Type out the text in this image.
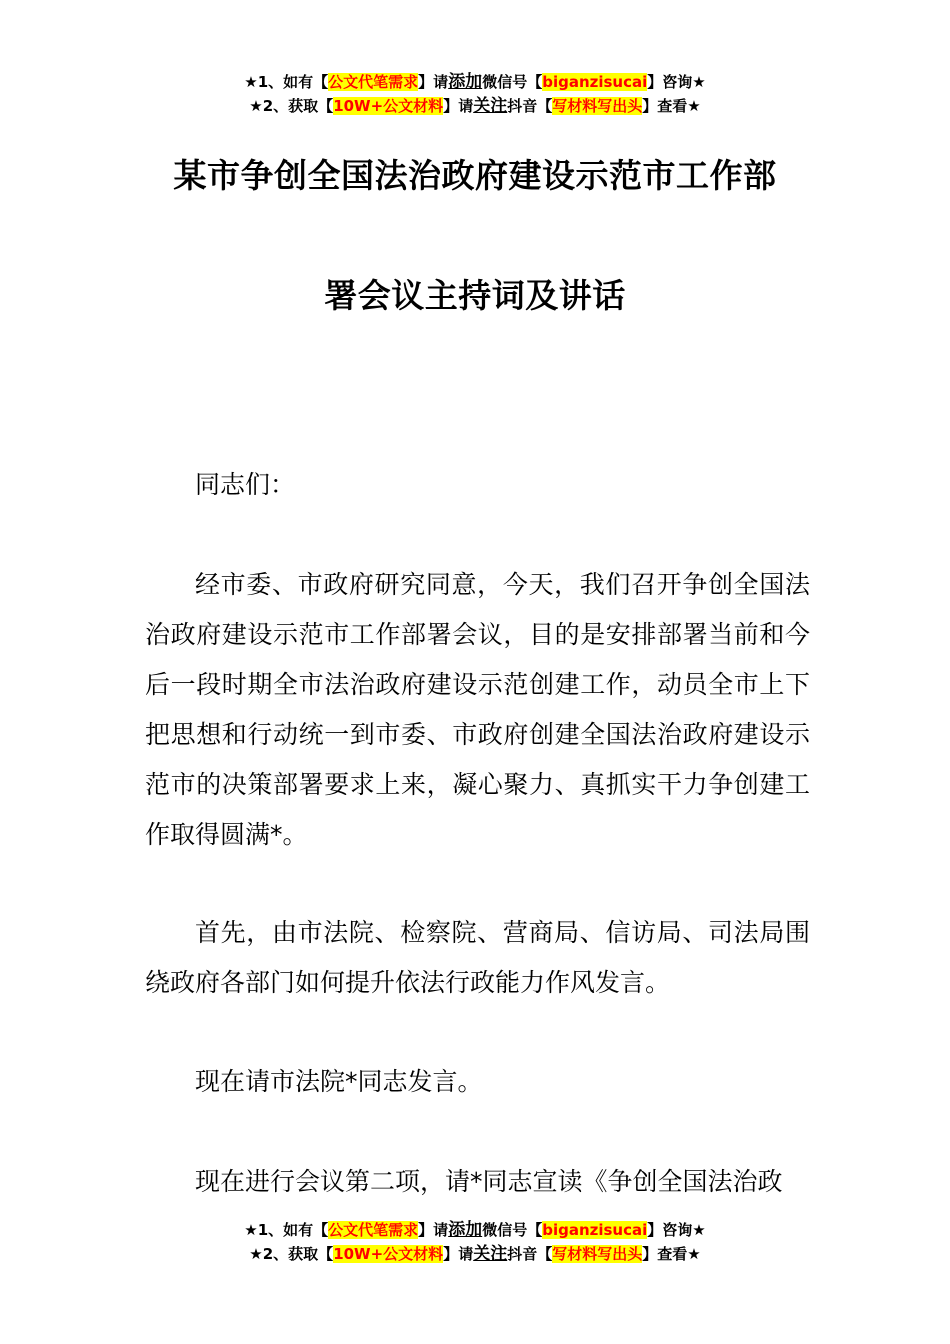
★1、如有【公文代笔需求】请添加微信号【biganzisucai】咨询★
★2、获取【10W+公文材料】请关注抖音【写材料写出头】查看★
某市争创全国法治政府建设示范市工作部
署会议主持词及讲话

同志们：

经市委、市政府研究同意，今天，我们召开争创全国法治政府建设示范市工作部署会议，目的是安排部署当前和今后一段时期全市法治政府建设示范创建工作，动员全市上下把思想和行动统一到市委、市政府创建全国法治政府建设示范市的决策部署要求上来，凝心聚力、真抓实干力争创建工作取得圆满*。

首先，由市法院、检察院、营商局、信访局、司法局围绕政府各部门如何提升依法行政能力作风发言。

现在请市法院*同志发言。

现在进行会议第二项，请*同志宣读《争创全国法治政

★1、如有【公文代笔需求】请添加微信号【biganzisucai】咨询★
★2、获取【10W+公文材料】请关注抖音【写材料写出头】查看★
